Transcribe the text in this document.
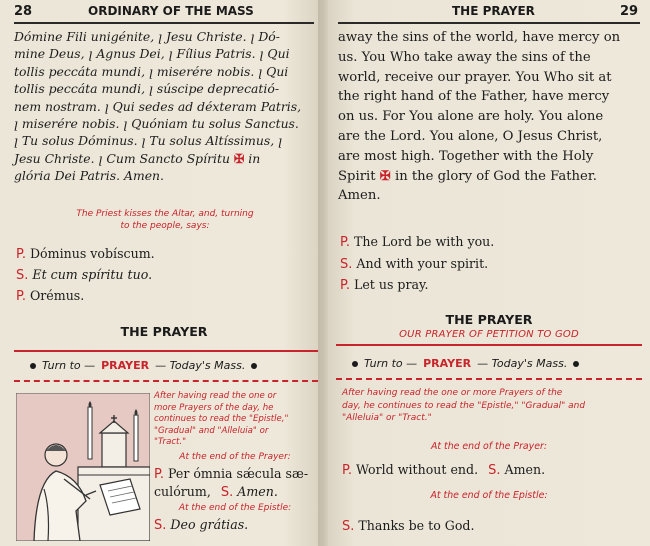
28	ORDINARY OF THE MASS
Dómine Fili unigénite, ꞁ Jesu Christe. ꞁ Dó-
mine Deus, ꞁ Agnus Dei, ꞁ Fílius Patris. ꞁ Qui
tollis peccáta mundi, ꞁ miserére nobis. ꞁ Qui
tollis peccáta mundi, ꞁ súscipe deprecatió-
nem nostram. ꞁ Qui sedes ad déxteram Patris,
ꞁ miserére nobis. ꞁ Quóniam tu solus Sanctus.
ꞁ Tu solus Dóminus. ꞁ Tu solus Altíssimus, ꞁ
Jesu Christe. ꞁ Cum Sancto Spíritu ✠ in
glória Dei Patris. Amen.
The Priest kisses the Altar, and, turning
to the people, says:
P. Dóminus vobíscum.
S. Et cum spíritu tuo.
P. Orémus.
THE PRAYER
Turn to — PRAYER — Today's Mass.
After having read the one or
more Prayers of the day, he
continues to read the "Epistle,"
"Gradual" and "Alleluia" or
"Tract."
At the end of the Prayer:
P. Per ómnia sǽcula sæ-
culórum, S. Amen.
At the end of the Epistle:
S. Deo grátias.
THE PRAYER	29
away the sins of the world, have mercy on
us. You Who take away the sins of the
world, receive our prayer. You Who sit at
the right hand of the Father, have mercy
on us. For You alone are holy. You alone
are the Lord. You alone, O Jesus Christ,
are most high. Together with the Holy
Spirit ✠ in the glory of God the Father.
Amen.
P. The Lord be with you.
S. And with your spirit.
P. Let us pray.
THE PRAYER
OUR PRAYER OF PETITION TO GOD
Turn to — PRAYER — Today's Mass.
After having read the one or more Prayers of the
day, he continues to read the "Epistle," "Gradual" and
"Alleluia" or "Tract."
At the end of the Prayer:
P. World without end. S. Amen.
At the end of the Epistle:
S. Thanks be to God.
